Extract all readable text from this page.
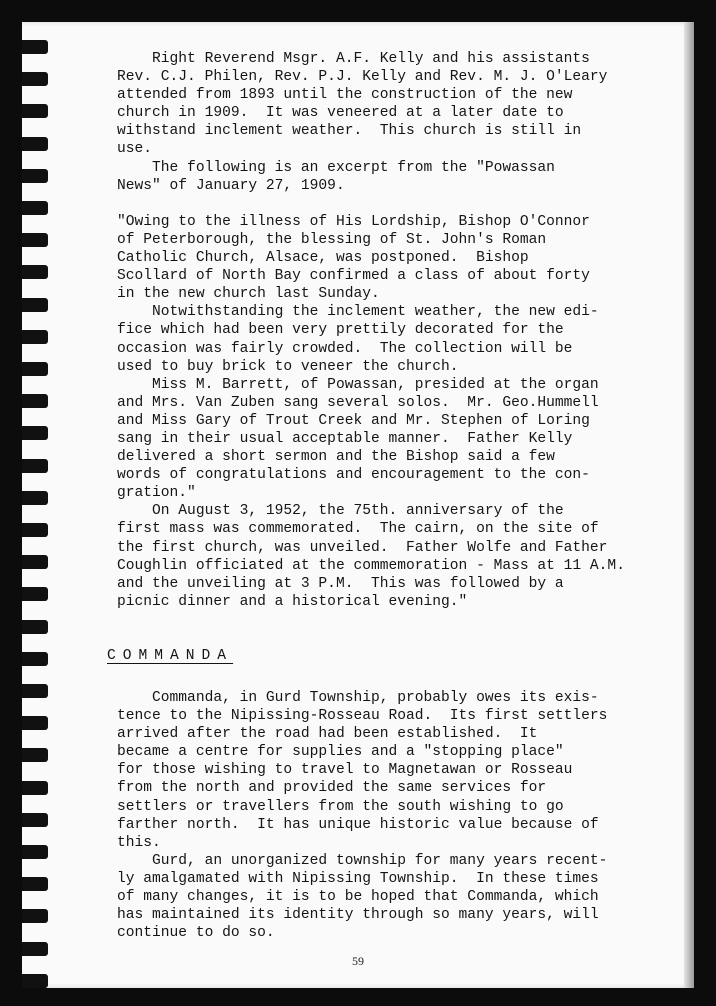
59
Right Reverend Msgr. A.F. Kelly and his assistants
Rev. C.J. Philen, Rev. P.J. Kelly and Rev. M. J. O'Leary
attended from 1893 until the construction of the new
church in 1909.  It was veneered at a later date to
withstand inclement weather.  This church is still in
use.
The following is an excerpt from the "Powassan
News" of January 27, 1909.
"Owing to the illness of His Lordship, Bishop O'Connor
of Peterborough, the blessing of St. John's Roman
Catholic Church, Alsace, was postponed.  Bishop
Scollard of North Bay confirmed a class of about forty
in the new church last Sunday.
Notwithstanding the inclement weather, the new edi-
fice which had been very prettily decorated for the
occasion was fairly crowded.  The collection will be
used to buy brick to veneer the church.
Miss M. Barrett, of Powassan, presided at the organ
and Mrs. Van Zuben sang several solos.  Mr. Geo.Hummell
and Miss Gary of Trout Creek and Mr. Stephen of Loring
sang in their usual acceptable manner.  Father Kelly
delivered a short sermon and the Bishop said a few
words of congratulations and encouragement to the con-
gration."
On August 3, 1952, the 75th. anniversary of the
first mass was commemorated.  The cairn, on the site of
the first church, was unveiled.  Father Wolfe and Father
Coughlin officiated at the commemoration - Mass at 11 A.M.
and the unveiling at 3 P.M.  This was followed by a
picnic dinner and a historical evening."
COMMANDA
Commanda, in Gurd Township, probably owes its exis-
tence to the Nipissing-Rosseau Road.  Its first settlers
arrived after the road had been established.  It
became a centre for supplies and a "stopping place"
for those wishing to travel to Magnetawan or Rosseau
from the north and provided the same services for
settlers or travellers from the south wishing to go
farther north.  It has unique historic value because of
this.
Gurd, an unorganized township for many years recent-
ly amalgamated with Nipissing Township.  In these times
of many changes, it is to be hoped that Commanda, which
has maintained its identity through so many years, will
continue to do so.
